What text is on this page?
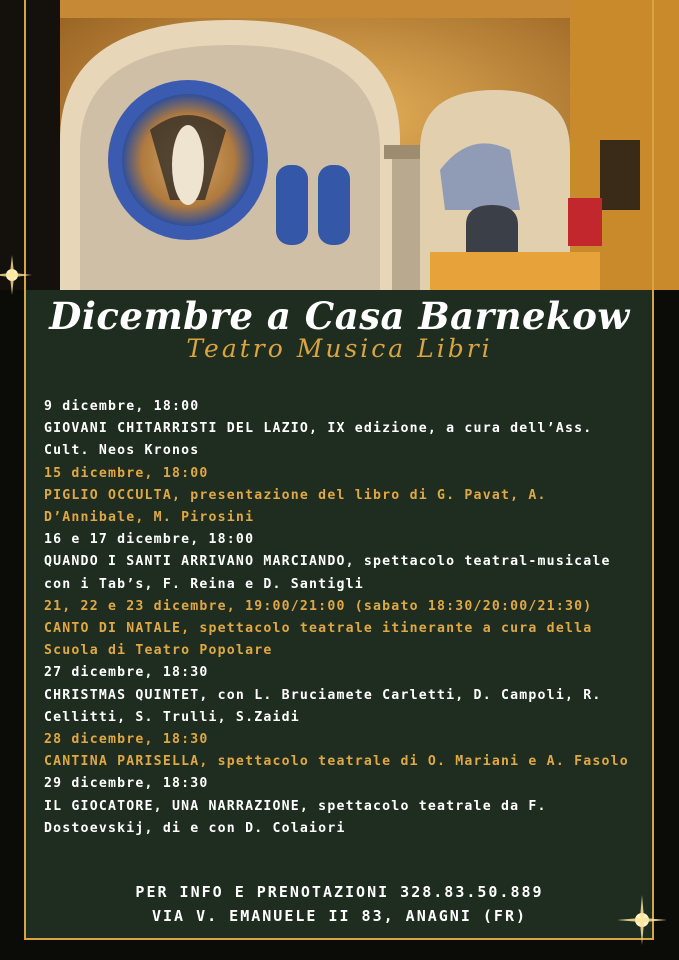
Dicembre a Casa Barnekow
Teatro Musica Libri
9 dicembre, 18:00
GIOVANI CHITARRISTI DEL LAZIO, IX edizione, a cura dell’Ass. Cult. Neos Kronos
15 dicembre, 18:00
PIGLIO OCCULTA, presentazione del libro di G. Pavat, A. D’Annibale, M. Pirosini
16 e 17 dicembre, 18:00
QUANDO I SANTI ARRIVANO MARCIANDO, spettacolo teatral-musicale con i Tab’s, F. Reina e D. Santigli
21, 22 e 23 dicembre, 19:00/21:00 (sabato 18:30/20:00/21:30)
CANTO DI NATALE, spettacolo teatrale itinerante a cura della Scuola di Teatro Popolare
27 dicembre, 18:30
CHRISTMAS QUINTET, con L. Bruciamete Carletti, D. Campoli, R. Cellitti, S. Trulli, S.Zaidi
28 dicembre, 18:30
CANTINA PARISELLA, spettacolo teatrale di O. Mariani e A. Fasolo
29 dicembre, 18:30
IL GIOCATORE, UNA NARRAZIONE, spettacolo teatrale da F. Dostoevskij, di e con D. Colaiori
PER INFO E PRENOTAZIONI 328.83.50.889
VIA V. EMANUELE II 83, ANAGNI (FR)
